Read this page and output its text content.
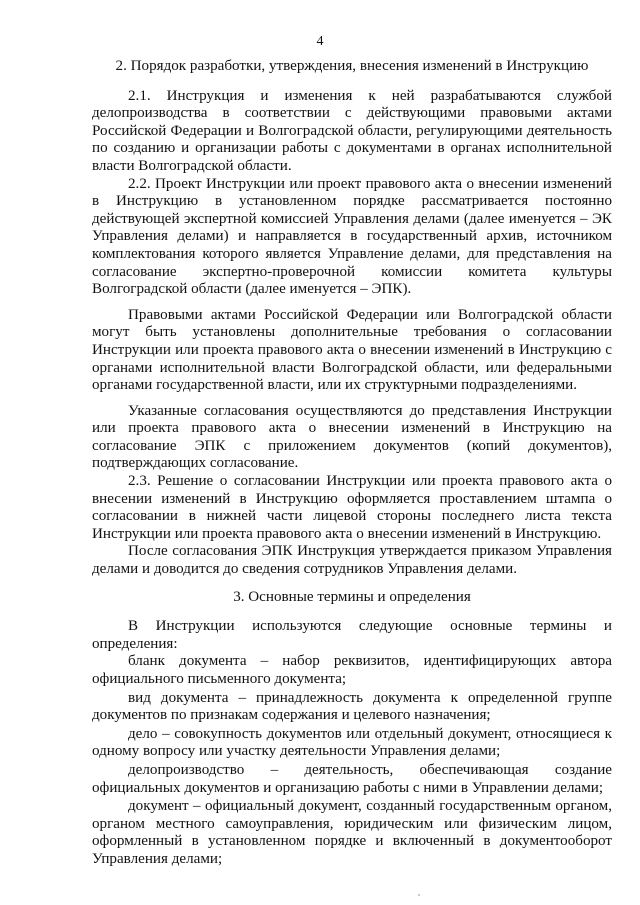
4
2. Порядок разработки, утверждения, внесения изменений в Инструкцию

2.1. Инструкция и изменения к ней разрабатываются службой делопроизводства в соответствии с действующими правовыми актами Российской Федерации и Волгоградской области, регулирующими деятельность по созданию и организации работы с документами в органах исполнительной власти Волгоградской области.

2.2. Проект Инструкции или проект правового акта о внесении изменений в Инструкцию в установленном порядке рассматривается постоянно действующей экспертной комиссией Управления делами (далее именуется – ЭК Управления делами) и направляется в государственный архив, источником комплектования которого является Управление делами, для представления на согласование экспертно-проверочной комиссии комитета культуры Волгоградской области (далее именуется – ЭПК).

Правовыми актами Российской Федерации или Волгоградской области могут быть установлены дополнительные требования о согласовании Инструкции или проекта правового акта о внесении изменений в Инструкцию с органами исполнительной власти Волгоградской области, или федеральными органами государственной власти, или их структурными подразделениями.

Указанные согласования осуществляются до представления Инструкции или проекта правового акта о внесении изменений в Инструкцию на согласование ЭПК с приложением документов (копий документов), подтверждающих согласование.

2.3. Решение о согласовании Инструкции или проекта правового акта о внесении изменений в Инструкцию оформляется проставлением штампа о согласовании в нижней части лицевой стороны последнего листа текста Инструкции или проекта правового акта о внесении изменений в Инструкцию.

После согласования ЭПК Инструкция утверждается приказом Управления делами и доводится до сведения сотрудников Управления делами.

3. Основные термины и определения

В Инструкции используются следующие основные термины и определения:

бланк документа – набор реквизитов, идентифицирующих автора официального письменного документа;

вид документа – принадлежность документа к определенной группе документов по признакам содержания и целевого назначения;

дело – совокупность документов или отдельный документ, относящиеся к одному вопросу или участку деятельности Управления делами;

делопроизводство – деятельность, обеспечивающая создание официальных документов и организацию работы с ними в Управлении делами;

документ – официальный документ, созданный государственным органом, органом местного самоуправления, юридическим или физическим лицом, оформленный в установленном порядке и включенный в документооборот Управления делами;
